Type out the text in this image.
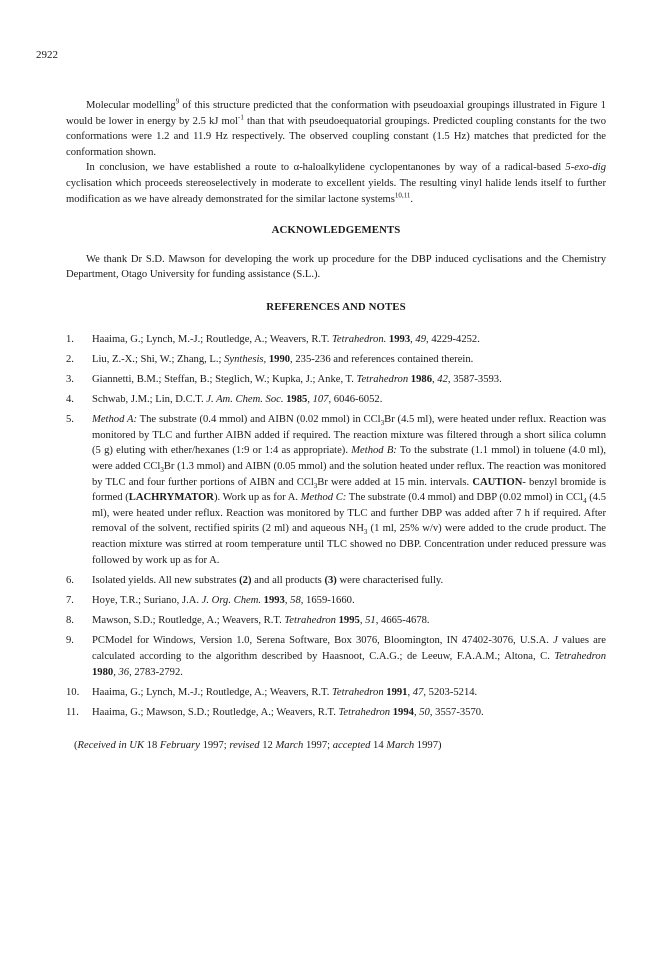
2922

Molecular modelling$^9$ of this structure predicted that the conformation with pseudoaxial groupings illustrated in Figure 1 would be lower in energy by 2.5 kJ mol$^{-1}$ than that with pseudoequatorial groupings. Predicted coupling constants for the two conformations were 1.2 and 11.9 Hz respectively. The observed coupling constant (1.5 Hz) matches that predicted for the conformation shown.

In conclusion, we have established a route to α-haloalkylidene cyclopentanones by way of a radical-based 5-exo-dig cyclisation which proceeds stereoselectively in moderate to excellent yields. The resulting vinyl halide lends itself to further modification as we have already demonstrated for the similar lactone systems$^{10,11}$.

ACKNOWLEDGEMENTS

We thank Dr S.D. Mawson for developing the work up procedure for the DBP induced cyclisations and the Chemistry Department, Otago University for funding assistance (S.L.).

REFERENCES AND NOTES

1. Haaima, G.; Lynch, M.-J.; Routledge, A.; Weavers, R.T. Tetrahedron. 1993, 49, 4229-4252.
2. Liu, Z.-X.; Shi, W.; Zhang, L.; Synthesis, 1990, 235-236 and references contained therein.
3. Giannetti, B.M.; Steffan, B.; Steglich, W.; Kupka, J.; Anke, T. Tetrahedron 1986, 42, 3587-3593.
4. Schwab, J.M.; Lin, D.C.T. J. Am. Chem. Soc. 1985, 107, 6046-6052.
5. Method A: The substrate (0.4 mmol) and AIBN (0.02 mmol) in CCl$_3$Br (4.5 ml), were heated under reflux. Reaction was monitored by TLC and further AIBN added if required. The reaction mixture was filtered through a short silica column (5 g) eluting with ether/hexanes (1:9 or 1:4 as appropriate). Method B: To the substrate (1.1 mmol) in toluene (4.0 ml), were added CCl$_3$Br (1.3 mmol) and AIBN (0.05 mmol) and the solution heated under reflux. The reaction was monitored by TLC and four further portions of AIBN and CCl$_3$Br were added at 15 min. intervals. CAUTION- benzyl bromide is formed (LACHRYMATOR). Work up as for A. Method C: The substrate (0.4 mmol) and DBP (0.02 mmol) in CCl$_4$ (4.5 ml), were heated under reflux. Reaction was monitored by TLC and further DBP was added after 7 h if required. After removal of the solvent, rectified spirits (2 ml) and aqueous $NH_3$ (1 ml, 25% w/v) were added to the crude product. The reaction mixture was stirred at room temperature until TLC showed no DBP. Concentration under reduced pressure was followed by work up as for A.
6. Isolated yields. All new substrates (2) and all products (3) were characterised fully.
7. Hoye, T.R.; Suriano, J.A. J. Org. Chem. 1993, 58, 1659-1660.
8. Mawson, S.D.; Routledge, A.; Weavers, R.T. Tetrahedron 1995, 51, 4665-4678.
9. PCModel for Windows, Version 1.0, Serena Software, Box 3076, Bloomington, IN 47402-3076, U.S.A. J values are calculated according to the algorithm described by Haasnoot, C.A.G.; de Leeuw, F.A.A.M.; Altona, C. Tetrahedron 1980, 36, 2783-2792.
10. Haaima, G.; Lynch, M.-J.; Routledge, A.; Weavers, R.T. Tetrahedron 1991, 47, 5203-5214.
11. Haaima, G.; Mawson, S.D.; Routledge, A.; Weavers, R.T. Tetrahedron 1994, 50, 3557-3570.

(Received in UK 18 February 1997; revised 12 March 1997; accepted 14 March 1997)
